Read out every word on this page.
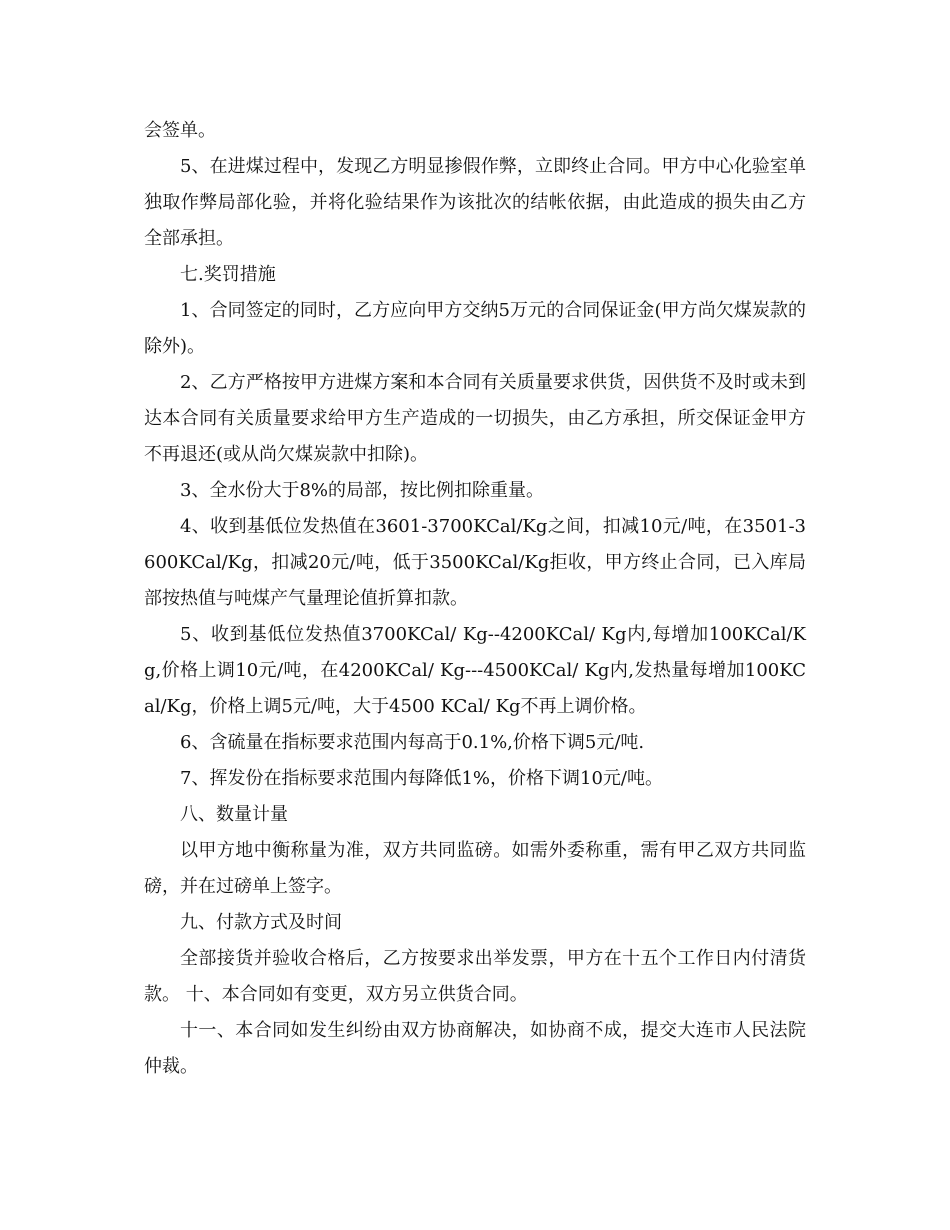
会签单。

5、在进煤过程中，发现乙方明显掺假作弊，立即终止合同。甲方中心化验室单独取作弊局部化验，并将化验结果作为该批次的结帐依据，由此造成的损失由乙方全部承担。

七.奖罚措施

1、合同签定的同时，乙方应向甲方交纳5万元的合同保证金(甲方尚欠煤炭款的除外)。

2、乙方严格按甲方进煤方案和本合同有关质量要求供货，因供货不及时或未到达本合同有关质量要求给甲方生产造成的一切损失，由乙方承担，所交保证金甲方不再退还(或从尚欠煤炭款中扣除)。

3、全水份大于8%的局部，按比例扣除重量。

4、收到基低位发热值在3601-3700KCal/Kg之间，扣减10元/吨，在3501-3600KCal/Kg，扣减20元/吨，低于3500KCal/Kg拒收，甲方终止合同，已入库局部按热值与吨煤产气量理论值折算扣款。

5、收到基低位发热值3700KCal/ Kg--4200KCal/ Kg内,每增加100KCal/Kg,价格上调10元/吨，在4200KCal/ Kg---4500KCal/ Kg内,发热量每增加100KCal/Kg，价格上调5元/吨，大于4500 KCal/ Kg不再上调价格。

6、含硫量在指标要求范围内每高于0.1%,价格下调5元/吨.

7、挥发份在指标要求范围内每降低1%，价格下调10元/吨。

八、数量计量

以甲方地中衡称量为准，双方共同监磅。如需外委称重，需有甲乙双方共同监磅，并在过磅单上签字。

九、付款方式及时间

全部接货并验收合格后，乙方按要求出举发票，甲方在十五个工作日内付清货款。 十、本合同如有变更，双方另立供货合同。

十一、本合同如发生纠纷由双方协商解决，如协商不成，提交大连市人民法院仲裁。
